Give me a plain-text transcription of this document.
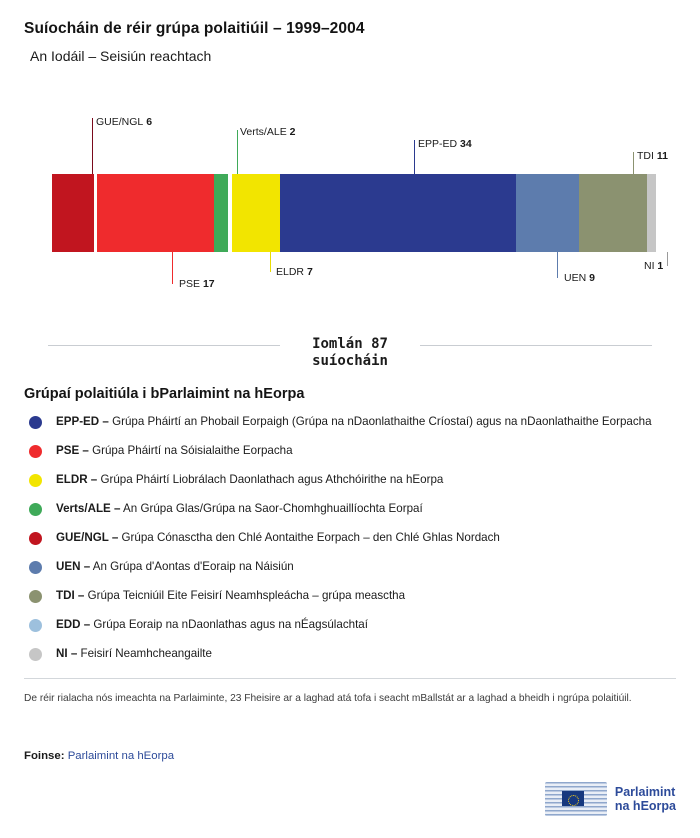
Suíocháin de réir grúpa polaitiúil – 1999–2004
An Iodáil – Seisiún reachtach
GUE/NGL 6
Verts/ALE 2
EPP-ED 34
TDI 11
PSE 17
ELDR 7	UEN 9
NI 1
Iomlán 87
suíocháin
Grúpaí polaitiúla i bParlaimint na hEorpa
EPP-ED – Grúpa Pháirtí an Phobail Eorpaigh (Grúpa na nDaonlathaithe Críostaí) agus na nDaonlathaithe Eorpacha
PSE – Grúpa Pháirtí na Sóisialaithe Eorpacha
ELDR – Grúpa Pháirtí Liobrálach Daonlathach agus Athchóirithe na hEorpa
Verts/ALE – An Grúpa Glas/Grúpa na Saor-Chomhghuaillíochta Eorpaí
GUE/NGL – Grúpa Cónasctha den Chlé Aontaithe Eorpach – den Chlé Ghlas Nordach
UEN – An Grúpa d'Aontas d'Eoraip na Náisiún
TDI – Grúpa Teicniúil Eite Feisirí Neamhspleácha – grúpa measctha
EDD – Grúpa Eoraip na nDaonlathas agus na nÉagsúlachtaí
NI – Feisirí Neamhcheangailte
De réir rialacha nós imeachta na Parlaiminte, 23 Fheisire ar a laghad atá tofa i seacht mBallstát ar a laghad a bheidh i ngrúpa polaitiúil.
Foinse: Parlaimint na hEorpa
Parlaimint
na hEorpa
